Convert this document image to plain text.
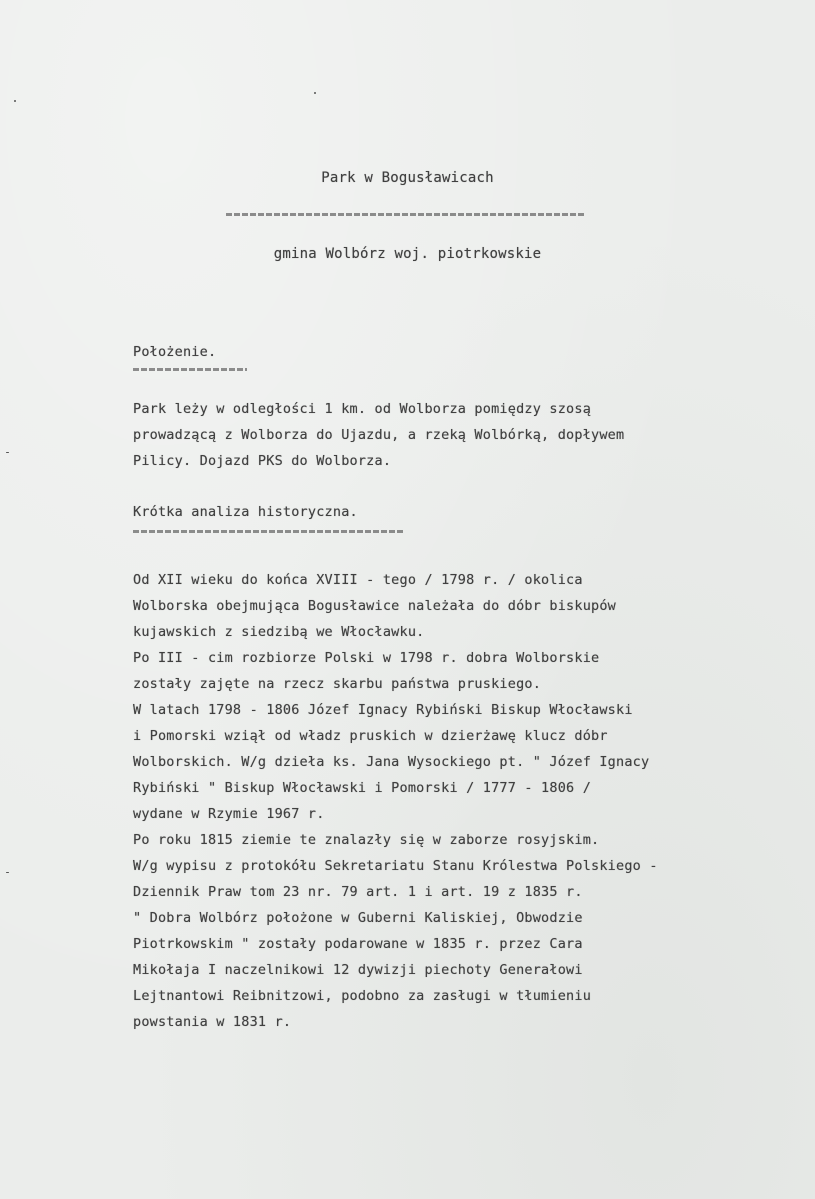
Park w Bogusławicach
gmina Wolbórz woj. piotrkowskie
Położenie.
Park leży w odległości 1 km. od Wolborza pomiędzy szosą
prowadzącą z Wolborza do Ujazdu, a rzeką Wolbórką, dopływem
Pilicy. Dojazd PKS do Wolborza.
Krótka analiza historyczna.
Od XII wieku do końca XVIII - tego / 1798 r. / okolica
Wolborska obejmująca Bogusławice należała do dóbr biskupów
kujawskich z siedzibą we Włocławku.
Po III - cim rozbiorze Polski w 1798 r. dobra Wolborskie
zostały zajęte na rzecz skarbu państwa pruskiego.
W latach 1798 - 1806 Józef Ignacy Rybiński Biskup Włocławski
i Pomorski wziął od władz pruskich w dzierżawę klucz dóbr
Wolborskich. W/g dzieła ks. Jana Wysockiego pt. " Józef Ignacy
Rybiński " Biskup Włocławski i Pomorski / 1777 - 1806 /
wydane w Rzymie 1967 r.
Po roku 1815 ziemie te znalazły się w zaborze rosyjskim.
W/g wypisu z protokółu Sekretariatu Stanu Królestwa Polskiego -
Dziennik Praw tom 23 nr. 79 art. 1 i art. 19 z 1835 r.
" Dobra Wolbórz położone w Guberni Kaliskiej, Obwodzie
Piotrkowskim " zostały podarowane w 1835 r. przez Cara
Mikołaja I naczelnikowi 12 dywizji piechoty Generałowi
Lejtnantowi Reibnitzowi, podobno za zasługi w tłumieniu
powstania w 1831 r.
